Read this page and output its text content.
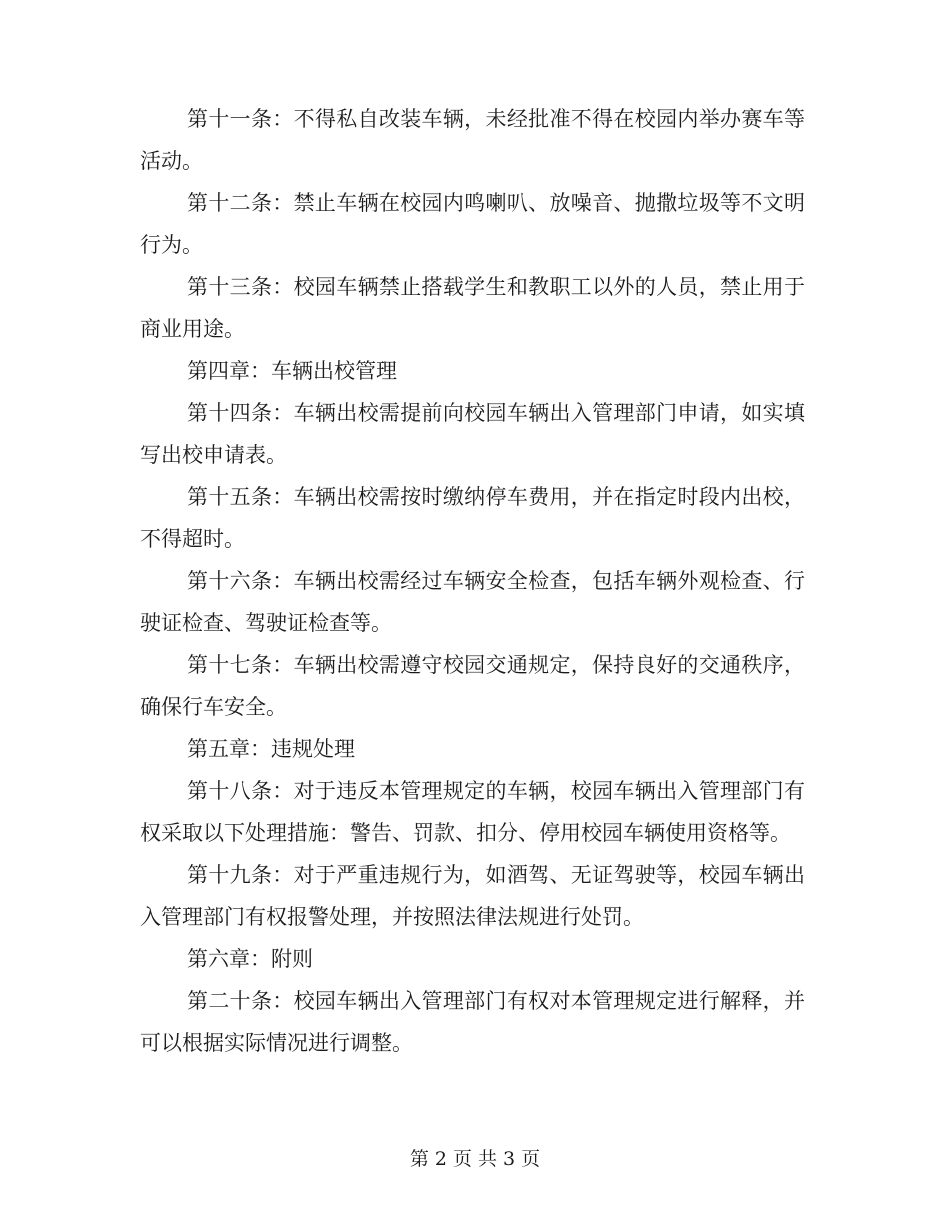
第十一条：不得私自改装车辆，未经批准不得在校园内举办赛车等活动。

第十二条：禁止车辆在校园内鸣喇叭、放噪音、抛撒垃圾等不文明行为。

第十三条：校园车辆禁止搭载学生和教职工以外的人员，禁止用于商业用途。

第四章：车辆出校管理

第十四条：车辆出校需提前向校园车辆出入管理部门申请，如实填写出校申请表。

第十五条：车辆出校需按时缴纳停车费用，并在指定时段内出校，不得超时。

第十六条：车辆出校需经过车辆安全检查，包括车辆外观检查、行驶证检查、驾驶证检查等。

第十七条：车辆出校需遵守校园交通规定，保持良好的交通秩序，确保行车安全。

第五章：违规处理

第十八条：对于违反本管理规定的车辆，校园车辆出入管理部门有权采取以下处理措施：警告、罚款、扣分、停用校园车辆使用资格等。

第十九条：对于严重违规行为，如酒驾、无证驾驶等，校园车辆出入管理部门有权报警处理，并按照法律法规进行处罚。

第六章：附则

第二十条：校园车辆出入管理部门有权对本管理规定进行解释，并可以根据实际情况进行调整。

第 2 页 共 3 页
